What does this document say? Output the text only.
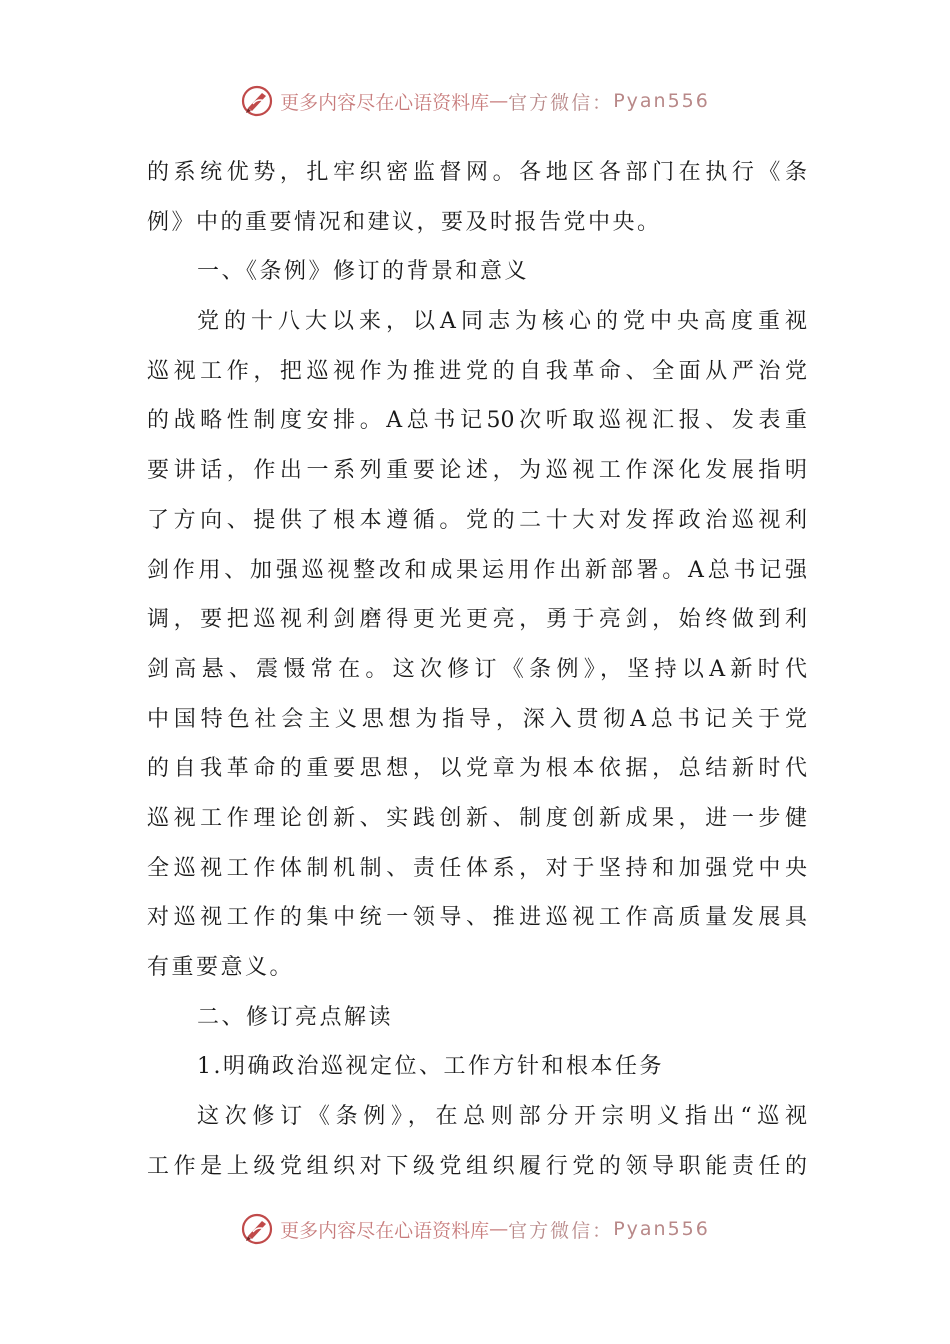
更多内容尽在心语资料库 — 官方微信： Pyan556
的系统优势，扎牢织密监督网。各地区各部门在执行《条
例》中的重要情况和建议，要及时报告党中央。
一、《条例》修订的背景和意义
党的十八大以来，以A同志为核心的党中央高度重视
巡视工作，把巡视作为推进党的自我革命、全面从严治党
的战略性制度安排。A总书记50次听取巡视汇报、发表重
要讲话，作出一系列重要论述，为巡视工作深化发展指明
了方向、提供了根本遵循。党的二十大对发挥政治巡视利
剑作用、加强巡视整改和成果运用作出新部署。A总书记强
调，要把巡视利剑磨得更光更亮，勇于亮剑，始终做到利
剑高悬、震慑常在。这次修订《条例》，坚持以A新时代
中国特色社会主义思想为指导，深入贯彻A总书记关于党
的自我革命的重要思想，以党章为根本依据，总结新时代
巡视工作理论创新、实践创新、制度创新成果，进一步健
全巡视工作体制机制、责任体系，对于坚持和加强党中央
对巡视工作的集中统一领导、推进巡视工作高质量发展具
有重要意义。
二、修订亮点解读
1.明确政治巡视定位、工作方针和根本任务
这次修订《条例》，在总则部分开宗明义指出“巡视
工作是上级党组织对下级党组织履行党的领导职能责任的
更多内容尽在心语资料库 — 官方微信： Pyan556
